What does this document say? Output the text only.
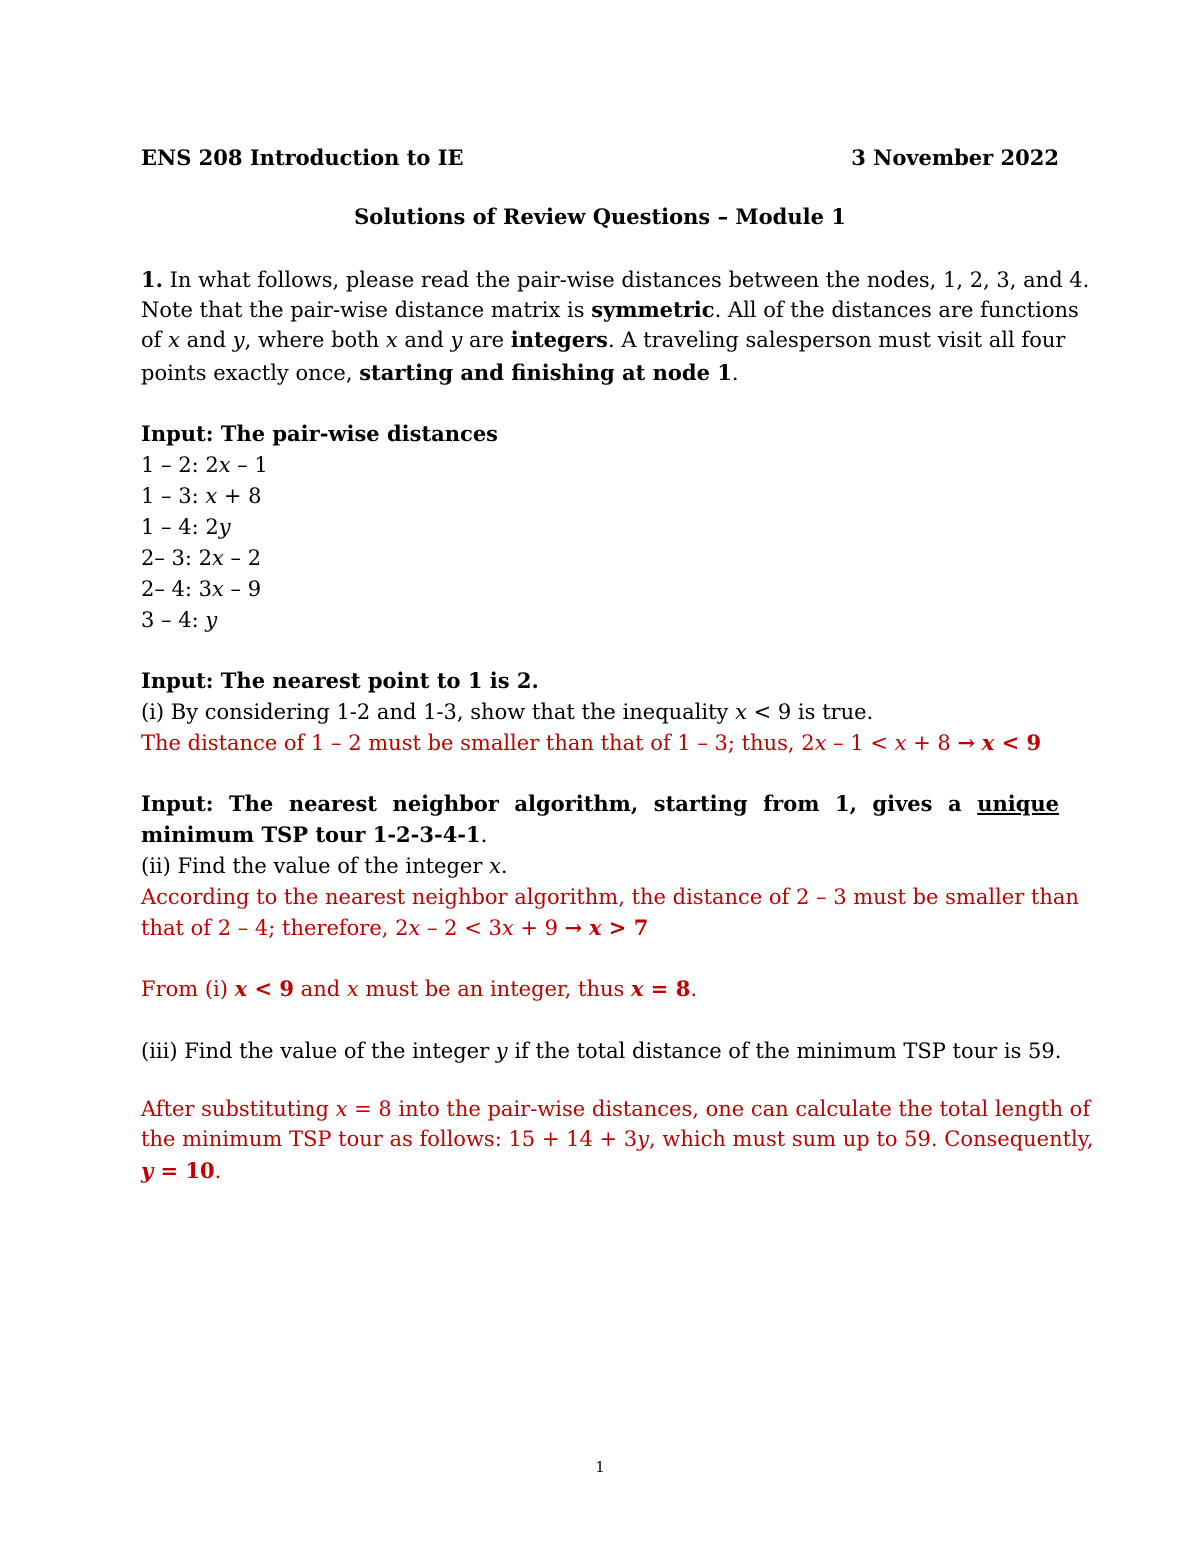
ENS 208 Introduction to IE	3 November 2022
Solutions of Review Questions – Module 1
1. In what follows, please read the pair-wise distances between the nodes, 1, 2, 3, and 4.
Note that the pair-wise distance matrix is symmetric. All of the distances are functions
of x and y, where both x and y are integers. A traveling salesperson must visit all four
points exactly once, starting and finishing at node 1.
Input: The pair-wise distances
1 – 2: 2x – 1
1 – 3: x + 8
1 – 4: 2y
2– 3: 2x – 2
2– 4: 3x – 9
3 – 4: y
Input: The nearest point to 1 is 2.
(i) By considering 1-2 and 1-3, show that the inequality x < 9 is true.
The distance of 1 – 2 must be smaller than that of 1 – 3; thus, 2x – 1 < x + 8 → x < 9
Input: The nearest neighbor algorithm, starting from 1, gives a unique
minimum TSP tour 1-2-3-4-1.
(ii) Find the value of the integer x.
According to the nearest neighbor algorithm, the distance of 2 – 3 must be smaller than
that of 2 – 4; therefore, 2x – 2 < 3x + 9 → x > 7
From (i) x < 9 and x must be an integer, thus x = 8.
(iii) Find the value of the integer y if the total distance of the minimum TSP tour is 59.
After substituting x = 8 into the pair-wise distances, one can calculate the total length of
the minimum TSP tour as follows: 15 + 14 + 3y, which must sum up to 59. Consequently,
y = 10.
1
